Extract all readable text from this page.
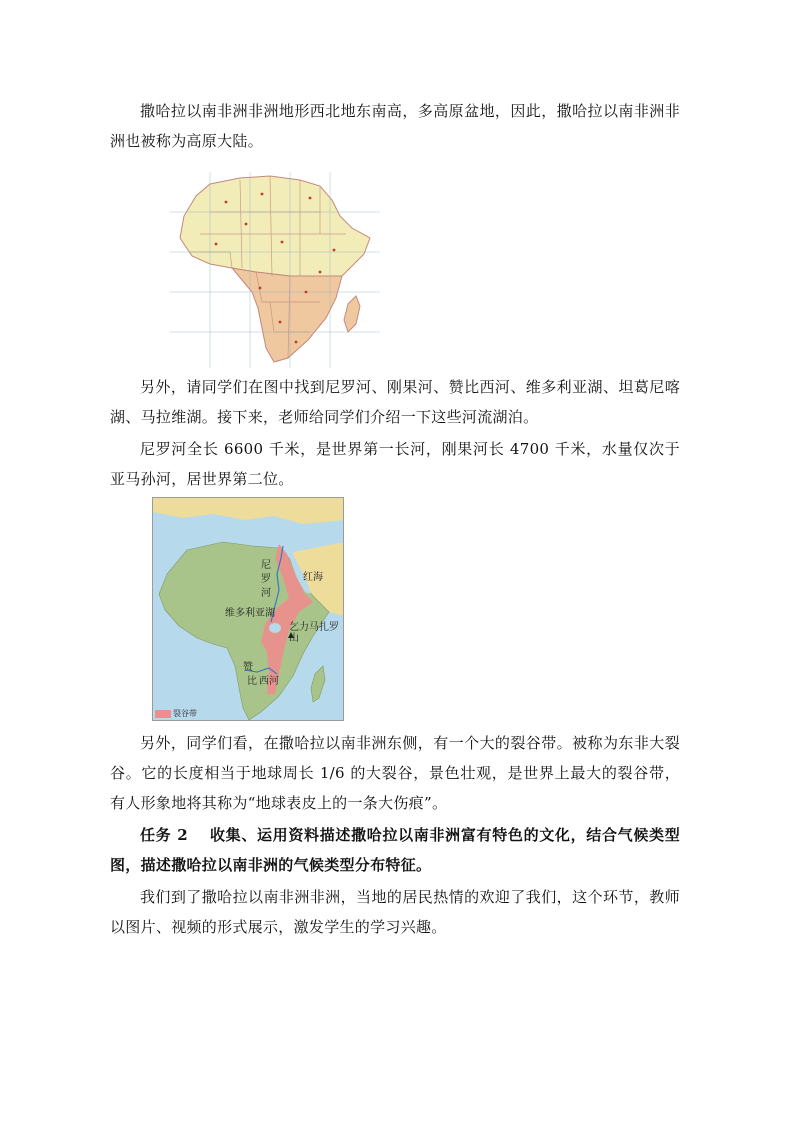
撒哈拉以南非洲非洲地形西北地东南高，多高原盆地，因此，撒哈拉以南非洲非洲也被称为高原大陆。

另外，请同学们在图中找到尼罗河、刚果河、赞比西河、维多利亚湖、坦葛尼喀湖、马拉维湖。接下来，老师给同学们介绍一下这些河流湖泊。

尼罗河全长 6600 千米，是世界第一长河，刚果河长 4700 千米，水量仅次于亚马孙河，居世界第二位。

尼
罗
河
红海
维多利亚湖
乞力马扎罗山
赞
比 西河
裂谷带

另外，同学们看，在撒哈拉以南非洲东侧，有一个大的裂谷带。被称为东非大裂谷。它的长度相当于地球周长 1/6 的大裂谷，景色壮观，是世界上最大的裂谷带，有人形象地将其称为“地球表皮上的一条大伤痕”。

任务 2　 收集、运用资料描述撒哈拉以南非洲富有特色的文化，结合气候类型图，描述撒哈拉以南非洲的气候类型分布特征。

我们到了撒哈拉以南非洲非洲，当地的居民热情的欢迎了我们，这个环节，教师以图片、视频的形式展示，激发学生的学习兴趣。
